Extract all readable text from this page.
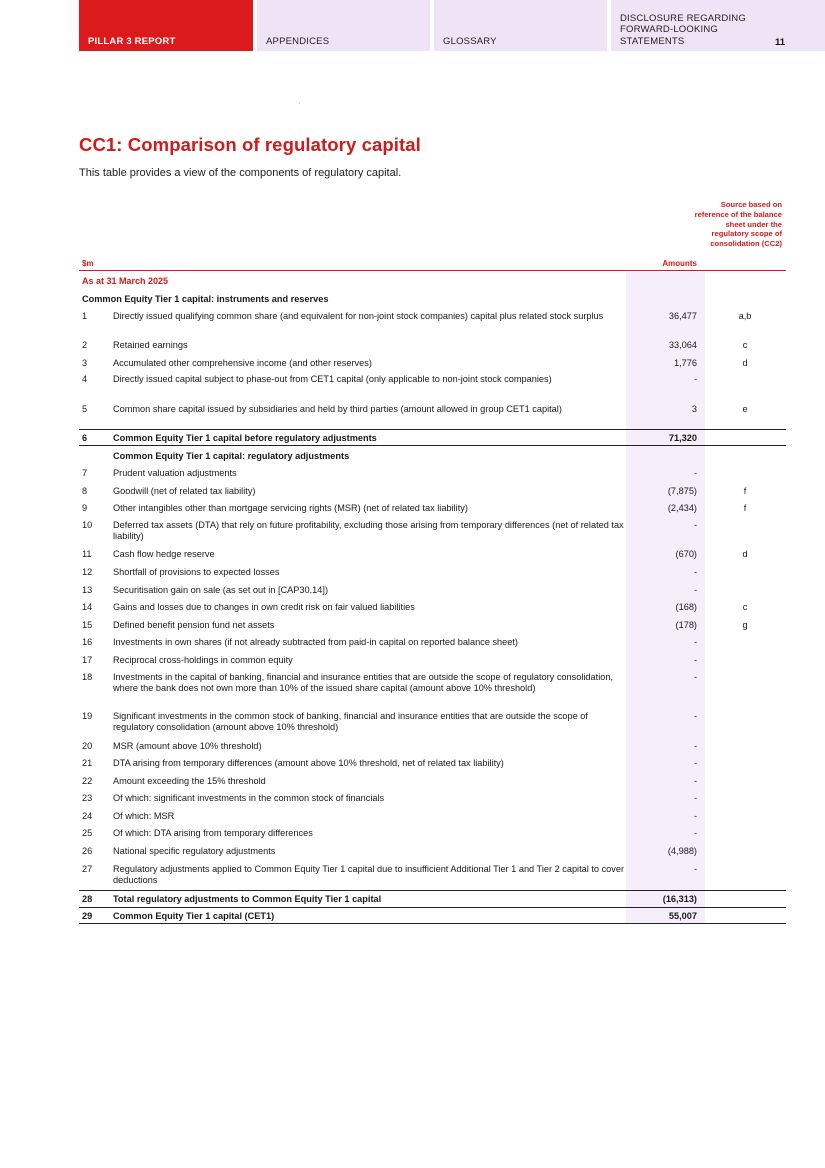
PILLAR 3 REPORT	APPENDICES	GLOSSARY
DISCLOSURE REGARDING FORWARD-LOOKING STATEMENTS	11
.
CC1: Comparison of regulatory capital
This table provides a view of the components of regulatory capital.
Source based on reference of the balance sheet under the regulatory scope of consolidation (CC2)
$m	Amounts
As at 31 March 2025
Common Equity Tier 1 capital: instruments and reserves
1	Directly issued qualifying common share (and equivalent for non-joint stock companies) capital plus related stock surplus	36,477	a,b
2	Retained earnings	33,064	c
3	Accumulated other comprehensive income (and other reserves)	1,776	d
4	Directly issued capital subject to phase-out from CET1 capital (only applicable to non-joint stock companies)	-
5	Common share capital issued by subsidiaries and held by third parties (amount allowed in group CET1 capital)	3	e
6	Common Equity Tier 1 capital before regulatory adjustments	71,320
7	Prudent valuation adjustments	-
8	Goodwill (net of related tax liability)	(7,875)	f
9	Other intangibles other than mortgage servicing rights (MSR) (net of related tax liability)	(2,434)	f
10 Deferred tax assets (DTA) that rely on future profitability, excluding those arising from temporary differences (net of related tax liability)
-
11 Cash flow hedge reserve	(670)	d
12 Shortfall of provisions to expected losses	-
13 Securitisation gain on sale (as set out in [CAP30.14])	-
14 Gains and losses due to changes in own credit risk on fair valued liabilities	(168)	c
15 Defined benefit pension fund net assets	(178)	g
16 Investments in own shares (if not already subtracted from paid-in capital on reported balance sheet)	-
17 Reciprocal cross-holdings in common equity	-
18 Investments in the capital of banking, financial and insurance entities that are outside the scope of regulatory consolidation, where the bank does not own more than 10% of the issued share capital (amount above 10% threshold)
-
19 Significant investments in the common stock of banking, financial and insurance entities that are outside the scope of regulatory consolidation (amount above 10% threshold)
-
20 MSR (amount above 10% threshold)	-
21 DTA arising from temporary differences (amount above 10% threshold, net of related tax liability)	-
22 Amount exceeding the 15% threshold	-
23 Of which: significant investments in the common stock of financials	-
24 Of which: MSR	-
25 Of which: DTA arising from temporary differences	-
26 National specific regulatory adjustments	(4,988)
27 Regulatory adjustments applied to Common Equity Tier 1 capital due to insufficient Additional Tier 1 and Tier 2 capital to cover deductions
-
28 Total regulatory adjustments to Common Equity Tier 1 capital	(16,313)
29 Common Equity Tier 1 capital (CET1)	55,007
Common Equity Tier 1 capital: regulatory adjustments
